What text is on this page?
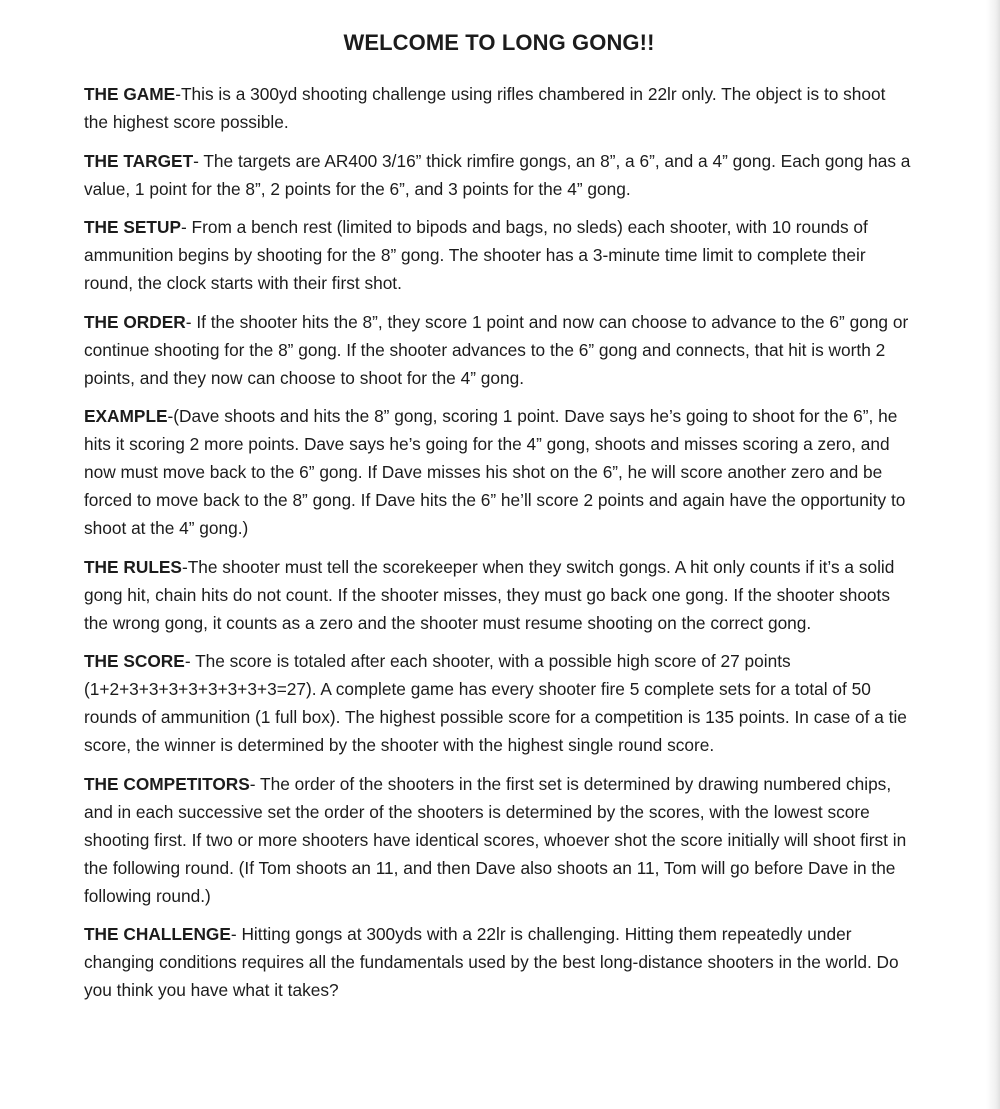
WELCOME TO LONG GONG!!

THE GAME-This is a 300yd shooting challenge using rifles chambered in 22lr only. The object is to shoot the highest score possible.

THE TARGET- The targets are AR400 3/16” thick rimfire gongs, an 8”, a 6”, and a 4” gong. Each gong has a value, 1 point for the 8”, 2 points for the 6”, and 3 points for the 4” gong.

THE SETUP- From a bench rest (limited to bipods and bags, no sleds) each shooter, with 10 rounds of ammunition begins by shooting for the 8” gong. The shooter has a 3-minute time limit to complete their round, the clock starts with their first shot.

THE ORDER- If the shooter hits the 8”, they score 1 point and now can choose to advance to the 6” gong or continue shooting for the 8” gong. If the shooter advances to the 6” gong and connects, that hit is worth 2 points, and they now can choose to shoot for the 4” gong.

EXAMPLE-(Dave shoots and hits the 8” gong, scoring 1 point. Dave says he’s going to shoot for the 6”, he hits it scoring 2 more points. Dave says he’s going for the 4” gong, shoots and misses scoring a zero, and now must move back to the 6” gong. If Dave misses his shot on the 6”, he will score another zero and be forced to move back to the 8” gong. If Dave hits the 6” he’ll score 2 points and again have the opportunity to shoot at the 4” gong.)

THE RULES-The shooter must tell the scorekeeper when they switch gongs. A hit only counts if it’s a solid gong hit, chain hits do not count. If the shooter misses, they must go back one gong. If the shooter shoots the wrong gong, it counts as a zero and the shooter must resume shooting on the correct gong.

THE SCORE- The score is totaled after each shooter, with a possible high score of 27 points (1+2+3+3+3+3+3+3+3+3=27). A complete game has every shooter fire 5 complete sets for a total of 50 rounds of ammunition (1 full box). The highest possible score for a competition is 135 points. In case of a tie score, the winner is determined by the shooter with the highest single round score.

THE COMPETITORS- The order of the shooters in the first set is determined by drawing numbered chips, and in each successive set the order of the shooters is determined by the scores, with the lowest score shooting first. If two or more shooters have identical scores, whoever shot the score initially will shoot first in the following round. (If Tom shoots an 11, and then Dave also shoots an 11, Tom will go before Dave in the following round.)

THE CHALLENGE- Hitting gongs at 300yds with a 22lr is challenging. Hitting them repeatedly under changing conditions requires all the fundamentals used by the best long-distance shooters in the world. Do you think you have what it takes?
